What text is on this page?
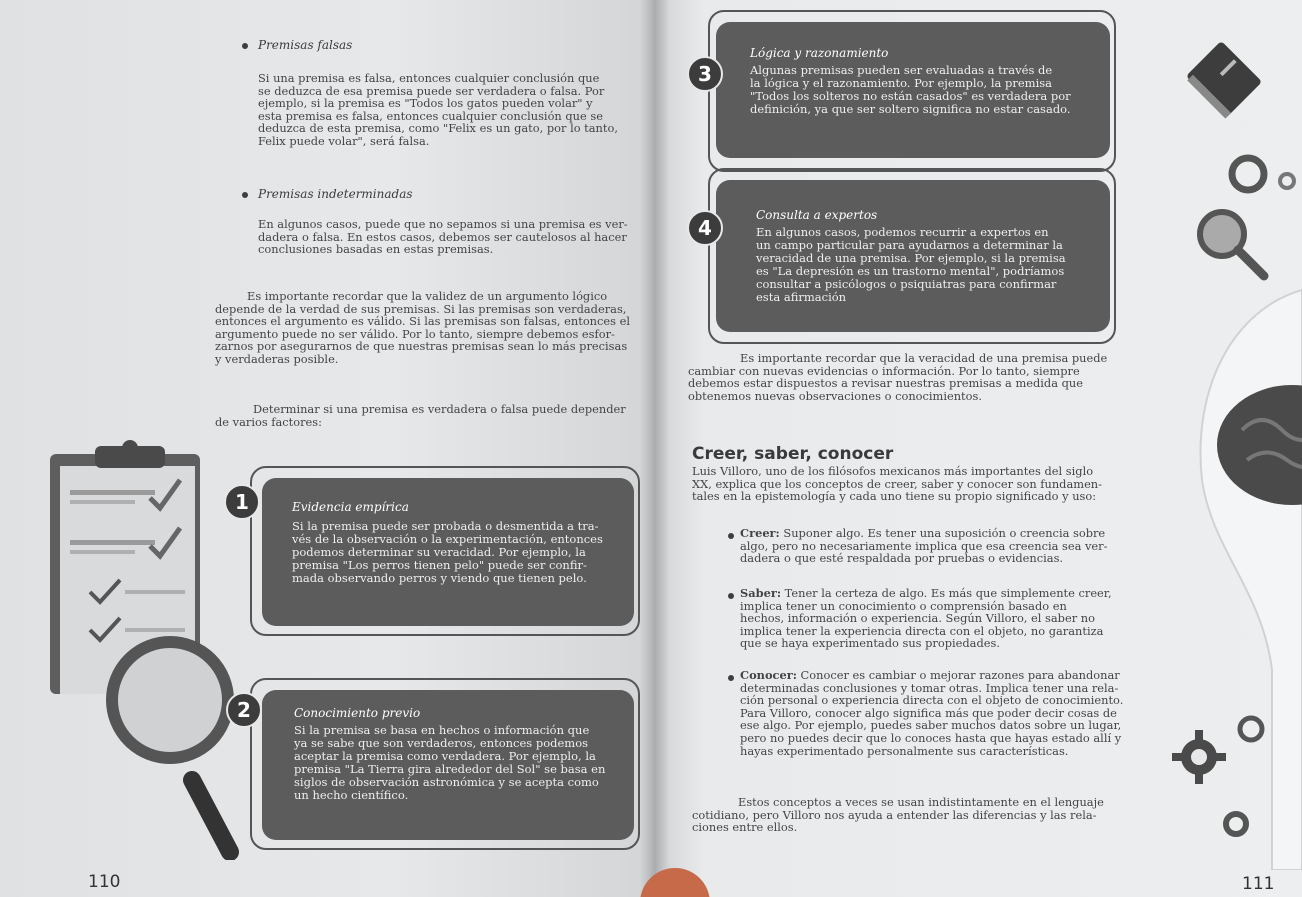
Premisas falsas
Si una premisa es falsa, entonces cualquier conclusión que
se deduzca de esa premisa puede ser verdadera o falsa. Por
ejemplo, si la premisa es "Todos los gatos pueden volar" y
esta premisa es falsa, entonces cualquier conclusión que se
deduzca de esta premisa, como "Felix es un gato, por lo tanto,
Felix puede volar", será falsa.
Premisas indeterminadas
En algunos casos, puede que no sepamos si una premisa es ver-
dadera o falsa. En estos casos, debemos ser cautelosos al hacer
conclusiones basadas en estas premisas.
Es importante recordar que la validez de un argumento lógico
depende de la verdad de sus premisas. Si las premisas son verdaderas,
entonces el argumento es válido. Si las premisas son falsas, entonces el
argumento puede no ser válido. Por lo tanto, siempre debemos esfor-
zarnos por asegurarnos de que nuestras premisas sean lo más precisas
y verdaderas posible.
Determinar si una premisa es verdadera o falsa puede depender
de varios factores:
Evidencia empírica
Si la premisa puede ser probada o desmentida a tra-
vés de la observación o la experimentación, entonces
podemos determinar su veracidad. Por ejemplo, la
premisa "Los perros tienen pelo" puede ser confir-
mada observando perros y viendo que tienen pelo.
1
Conocimiento previo
Si la premisa se basa en hechos o información que
ya se sabe que son verdaderos, entonces podemos
aceptar la premisa como verdadera. Por ejemplo, la
premisa "La Tierra gira alrededor del Sol" se basa en
siglos de observación astronómica y se acepta como
un hecho científico.
2
110
Lógica y razonamiento
Algunas premisas pueden ser evaluadas a través de
la lógica y el razonamiento. Por ejemplo, la premisa
"Todos los solteros no están casados" es verdadera por
definición, ya que ser soltero significa no estar casado.
3
Consulta a expertos
En algunos casos, podemos recurrir a expertos en
un campo particular para ayudarnos a determinar la
veracidad de una premisa. Por ejemplo, si la premisa
es "La depresión es un trastorno mental", podríamos
consultar a psicólogos o psiquiatras para confirmar
esta afirmación
4
Es importante recordar que la veracidad de una premisa puede
cambiar con nuevas evidencias o información. Por lo tanto, siempre
debemos estar dispuestos a revisar nuestras premisas a medida que
obtenemos nuevas observaciones o conocimientos.
Creer, saber, conocer
Luis Villoro, uno de los filósofos mexicanos más importantes del siglo
XX, explica que los conceptos de creer, saber y conocer son fundamen-
tales en la epistemología y cada uno tiene su propio significado y uso:
Creer: Suponer algo. Es tener una suposición o creencia sobre
algo, pero no necesariamente implica que esa creencia sea ver-
dadera o que esté respaldada por pruebas o evidencias.
Saber: Tener la certeza de algo. Es más que simplemente creer,
implica tener un conocimiento o comprensión basado en
hechos, información o experiencia. Según Villoro, el saber no
implica tener la experiencia directa con el objeto, no garantiza
que se haya experimentado sus propiedades.
Conocer: Conocer es cambiar o mejorar razones para abandonar
determinadas conclusiones y tomar otras. Implica tener una rela-
ción personal o experiencia directa con el objeto de conocimiento.
Para Villoro, conocer algo significa más que poder decir cosas de
ese algo. Por ejemplo, puedes saber muchos datos sobre un lugar,
pero no puedes decir que lo conoces hasta que hayas estado allí y
hayas experimentado personalmente sus características.
Estos conceptos a veces se usan indistintamente en el lenguaje
cotidiano, pero Villoro nos ayuda a entender las diferencias y las rela-
ciones entre ellos.
111
